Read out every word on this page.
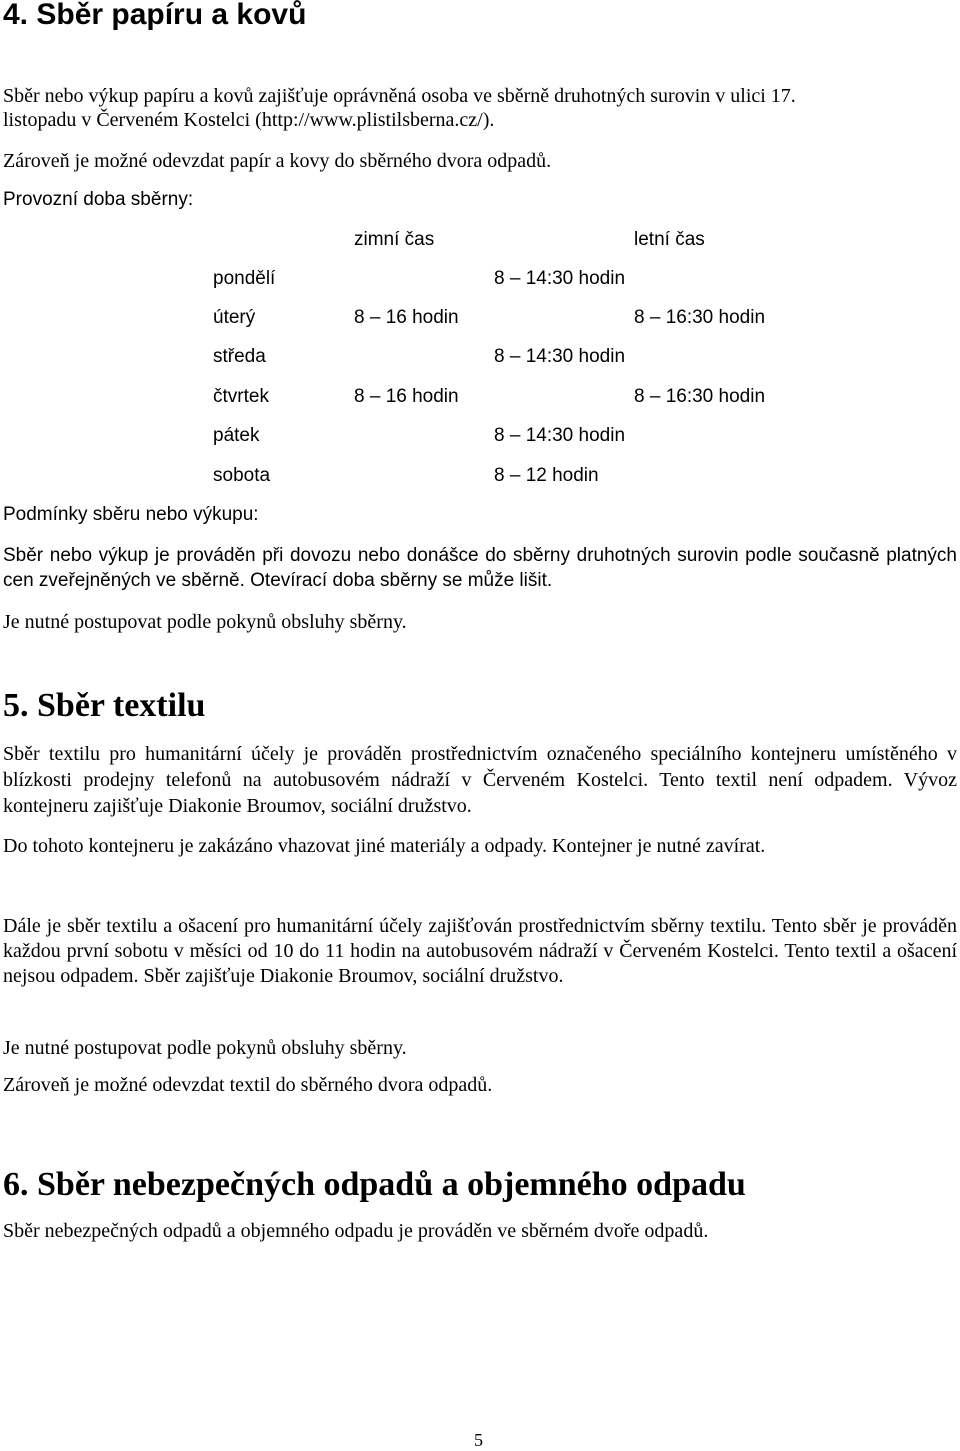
4. Sběr papíru a kovů
Sběr nebo výkup papíru a kovů zajišťuje oprávněná osoba ve sběrně druhotných surovin v ulici 17.
listopadu v Červeném Kostelci (http://www.plistilsberna.cz/).
Zároveň je možné odevzdat papír a kovy do sběrného dvora odpadů.
Provozní doba sběrny:
zimní čas	letní čas
pondělí	8 – 14:30 hodin
úterý	8 – 16 hodin	8 – 16:30 hodin
středa	8 – 14:30 hodin
čtvrtek	8 – 16 hodin	8 – 16:30 hodin
pátek	8 – 14:30 hodin
sobota	8 – 12 hodin
Podmínky sběru nebo výkupu:
Sběr nebo výkup je prováděn při dovozu nebo donášce do sběrny druhotných surovin podle současně platných cen zveřejněných ve sběrně. Otevírací doba sběrny se může lišit.
Je nutné postupovat podle pokynů obsluhy sběrny.
5. Sběr textilu
Sběr textilu pro humanitární účely je prováděn prostřednictvím označeného speciálního kontejneru umístěného v blízkosti prodejny telefonů na autobusovém nádraží v Červeném Kostelci. Tento textil není odpadem. Vývoz kontejneru zajišťuje Diakonie Broumov, sociální družstvo.
Do tohoto kontejneru je zakázáno vhazovat jiné materiály a odpady. Kontejner je nutné zavírat.
Dále je sběr textilu a ošacení pro humanitární účely zajišťován prostřednictvím sběrny textilu. Tento sběr je prováděn každou první sobotu v měsíci od 10 do 11 hodin na autobusovém nádraží v Červeném Kostelci. Tento textil a ošacení nejsou odpadem. Sběr zajišťuje Diakonie Broumov, sociální družstvo.
Je nutné postupovat podle pokynů obsluhy sběrny.
Zároveň je možné odevzdat textil do sběrného dvora odpadů.
6. Sběr nebezpečných odpadů a objemného odpadu
Sběr nebezpečných odpadů a objemného odpadu je prováděn ve sběrném dvoře odpadů.
5
